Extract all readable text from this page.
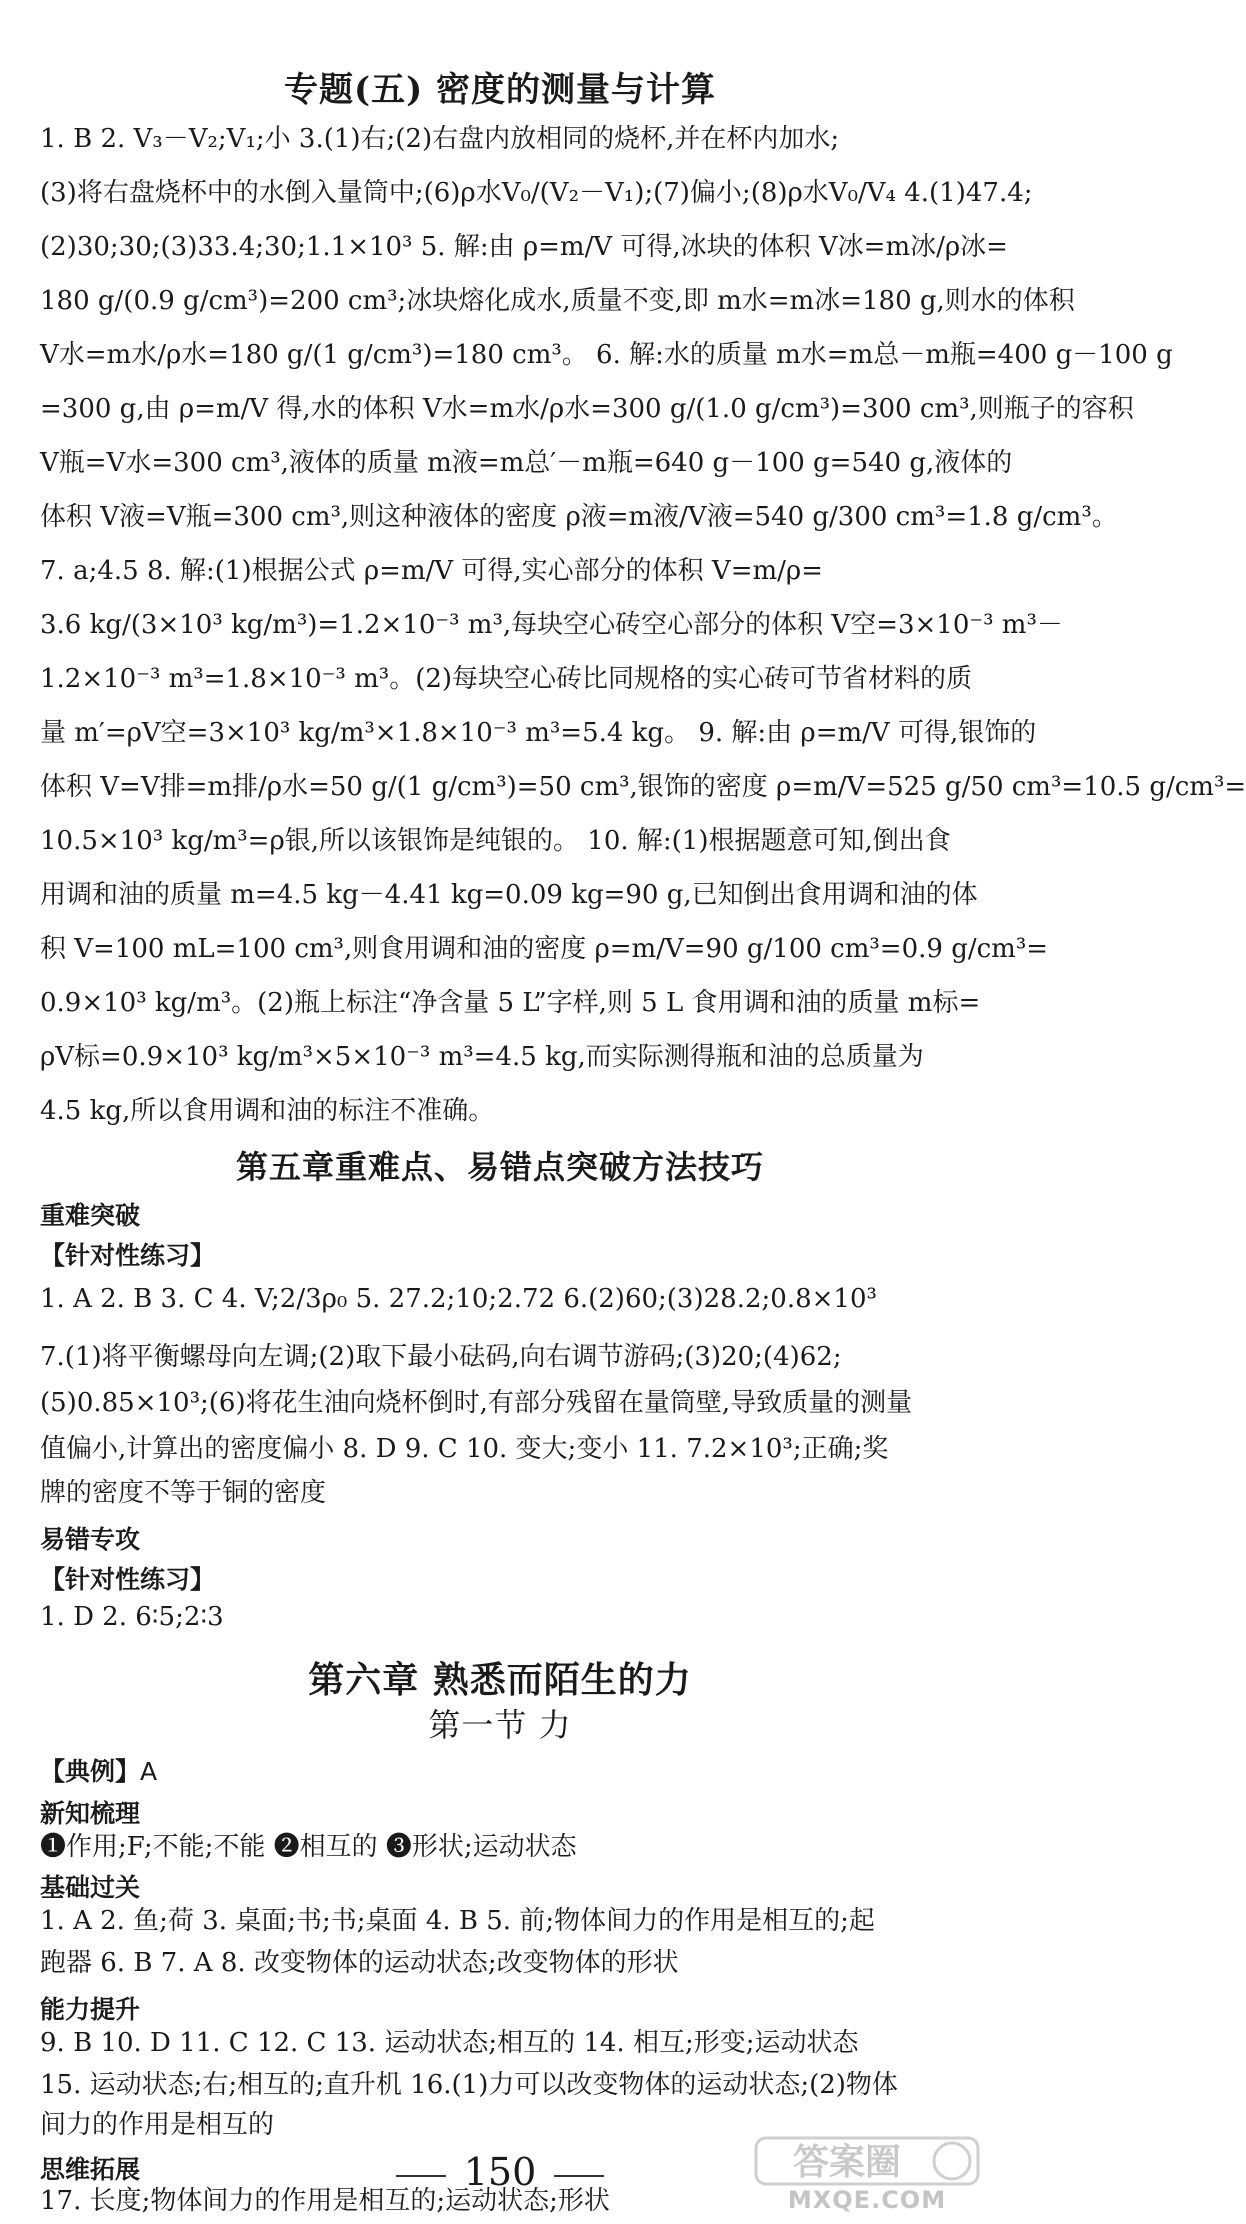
专题(五) 密度的测量与计算
1. B 2. V₃－V₂;V₁;小 3.(1)右;(2)右盘内放相同的烧杯,并在杯内加水;
(3)将右盘烧杯中的水倒入量筒中;(6)ρ水V₀/(V₂－V₁);(7)偏小;(8)ρ水V₀/V₄ 4.(1)47.4;
(2)30;30;(3)33.4;30;1.1×10³ 5. 解:由 ρ=m/V 可得,冰块的体积 V冰=m冰/ρ冰=
180 g/(0.9 g/cm³)=200 cm³;冰块熔化成水,质量不变,即 m水=m冰=180 g,则水的体积
V水=m水/ρ水=180 g/(1 g/cm³)=180 cm³。 6. 解:水的质量 m水=m总－m瓶=400 g－100 g
=300 g,由 ρ=m/V 得,水的体积 V水=m水/ρ水=300 g/(1.0 g/cm³)=300 cm³,则瓶子的容积
V瓶=V水=300 cm³,液体的质量 m液=m总′－m瓶=640 g－100 g=540 g,液体的
体积 V液=V瓶=300 cm³,则这种液体的密度 ρ液=m液/V液=540 g/300 cm³=1.8 g/cm³。
7. a;4.5 8. 解:(1)根据公式 ρ=m/V 可得,实心部分的体积 V=m/ρ=
3.6 kg/(3×10³ kg/m³)=1.2×10⁻³ m³,每块空心砖空心部分的体积 V空=3×10⁻³ m³－
1.2×10⁻³ m³=1.8×10⁻³ m³。(2)每块空心砖比同规格的实心砖可节省材料的质
量 m′=ρV空=3×10³ kg/m³×1.8×10⁻³ m³=5.4 kg。 9. 解:由 ρ=m/V 可得,银饰的
体积 V=V排=m排/ρ水=50 g/(1 g/cm³)=50 cm³,银饰的密度 ρ=m/V=525 g/50 cm³=10.5 g/cm³=
10.5×10³ kg/m³=ρ银,所以该银饰是纯银的。 10. 解:(1)根据题意可知,倒出食
用调和油的质量 m=4.5 kg－4.41 kg=0.09 kg=90 g,已知倒出食用调和油的体
积 V=100 mL=100 cm³,则食用调和油的密度 ρ=m/V=90 g/100 cm³=0.9 g/cm³=
0.9×10³ kg/m³。(2)瓶上标注“净含量 5 L”字样,则 5 L 食用调和油的质量 m标=
ρV标=0.9×10³ kg/m³×5×10⁻³ m³=4.5 kg,而实际测得瓶和油的总质量为
4.5 kg,所以食用调和油的标注不准确。
第五章重难点、易错点突破方法技巧
重难突破
【针对性练习】
1. A 2. B 3. C 4. V;2/3ρ₀ 5. 27.2;10;2.72 6.(2)60;(3)28.2;0.8×10³
7.(1)将平衡螺母向左调;(2)取下最小砝码,向右调节游码;(3)20;(4)62;
(5)0.85×10³;(6)将花生油向烧杯倒时,有部分残留在量筒壁,导致质量的测量
值偏小,计算出的密度偏小 8. D 9. C 10. 变大;变小 11. 7.2×10³;正确;奖
牌的密度不等于铜的密度
易错专攻
【针对性练习】
1. D 2. 6∶5;2∶3
第六章 熟悉而陌生的力
第一节 力
【典例】A
新知梳理
❶作用;F;不能;不能 ❷相互的 ❸形状;运动状态
基础过关
1. A 2. 鱼;荷 3. 桌面;书;书;桌面 4. B 5. 前;物体间力的作用是相互的;起
跑器 6. B 7. A 8. 改变物体的运动状态;改变物体的形状
能力提升
9. B 10. D 11. C 12. C 13. 运动状态;相互的 14. 相互;形变;运动状态
15. 运动状态;右;相互的;直升机 16.(1)力可以改变物体的运动状态;(2)物体
间力的作用是相互的
思维拓展
17. 长度;物体间力的作用是相互的;运动状态;形状
150	答案圈
MXQE.COM
